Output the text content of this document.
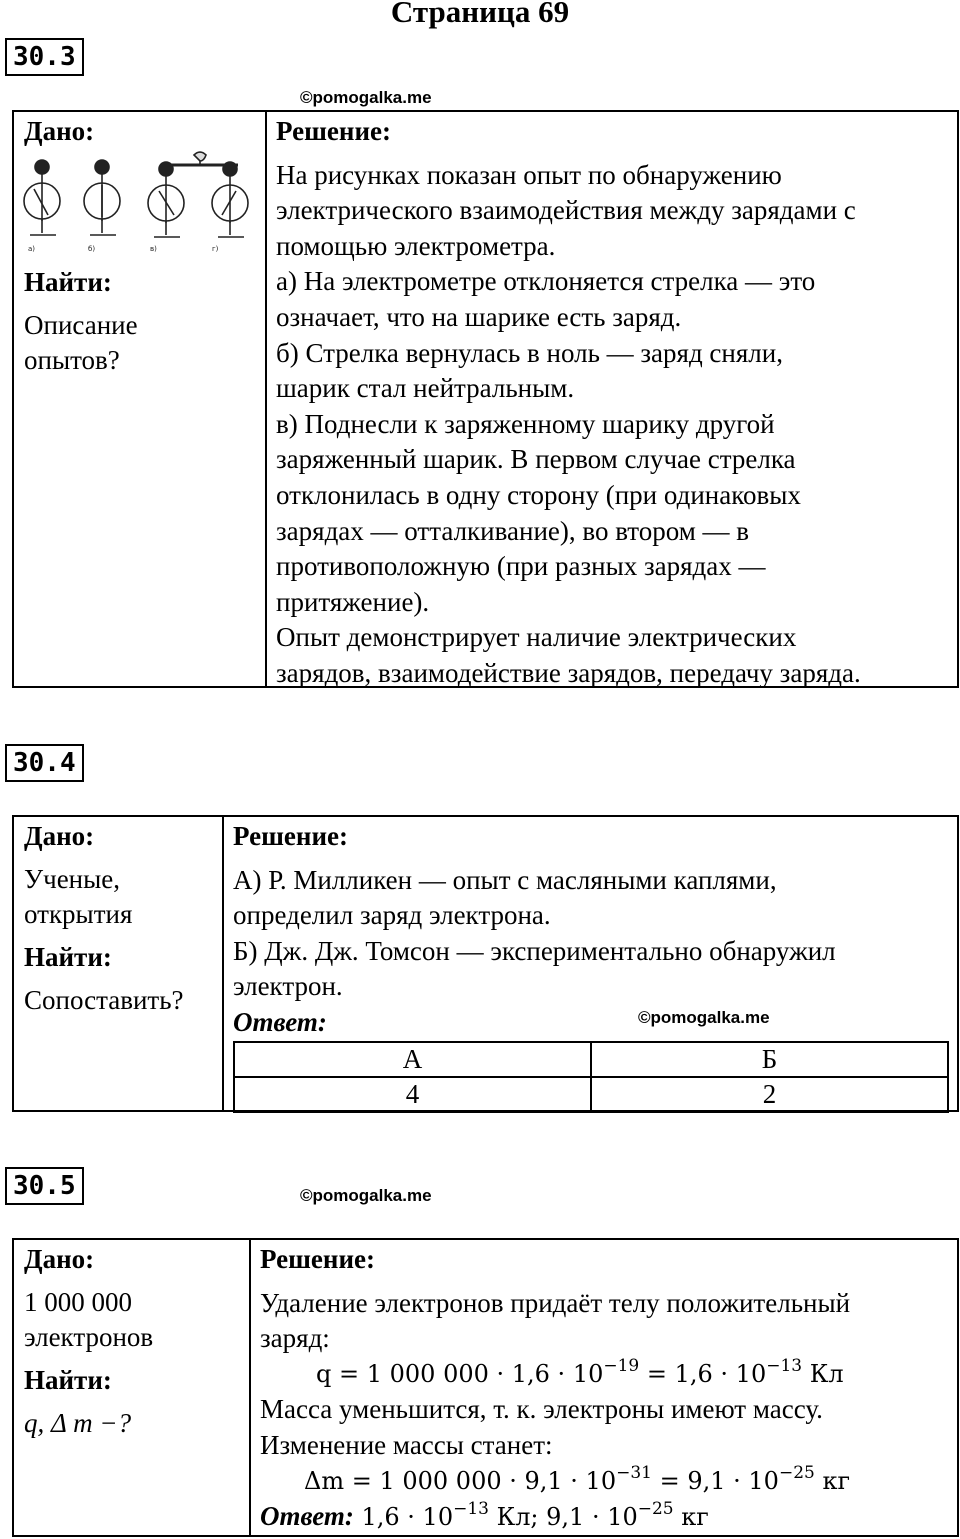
Страница 69
30.3
©pomogalka.me
Дано:
а)	б)	в)	г)
Найти:
Описание
опытов?
Решение:
На рисунках показан опыт по обнаружению
электрического взаимодействия между зарядами с
помощью электрометра.
а) На электрометре отклоняется стрелка — это
означает, что на шарике есть заряд.
б) Стрелка вернулась в ноль — заряд сняли,
шарик стал нейтральным.
в) Поднесли к заряженному шарику другой
заряженный шарик. В первом случае стрелка
отклонилась в одну сторону (при одинаковых
зарядах — отталкивание), во втором — в
противоположную (при разных зарядах —
притяжение).
Опыт демонстрирует наличие электрических
зарядов, взаимодействие зарядов, передачу заряда.
30.4
Дано:
Ученые,
открытия
Найти:
Сопоставить?
Решение:
А) Р. Милликен — опыт с масляными каплями,
определил заряд электрона.
Б) Дж. Дж. Томсон — экспериментально обнаружил
электрон.
Ответ:
А	Б
4	2
©pomogalka.me
30.5	©pomogalka.me
Дано:
1 000 000
электронов
Найти:
q, Δ m −?
Решение:
Удаление электронов придаёт телу положительный
заряд:
q = 1 000 $000 \cdot 1,6 \cdot 10^{-19} = 1,6 \cdot 10^{-13}$ Кл
Масса уменьшится, т. к. электроны имеют массу.
Изменение массы станет:
Δm = 1 000 $000 \cdot 9,1 \cdot 10^{-31} = 9,1 \cdot 10^{-25}$ кг
Ответ: $1,6 \cdot 10^{-13}$ Кл; $9,1 \cdot 10^{-25}$ кг
